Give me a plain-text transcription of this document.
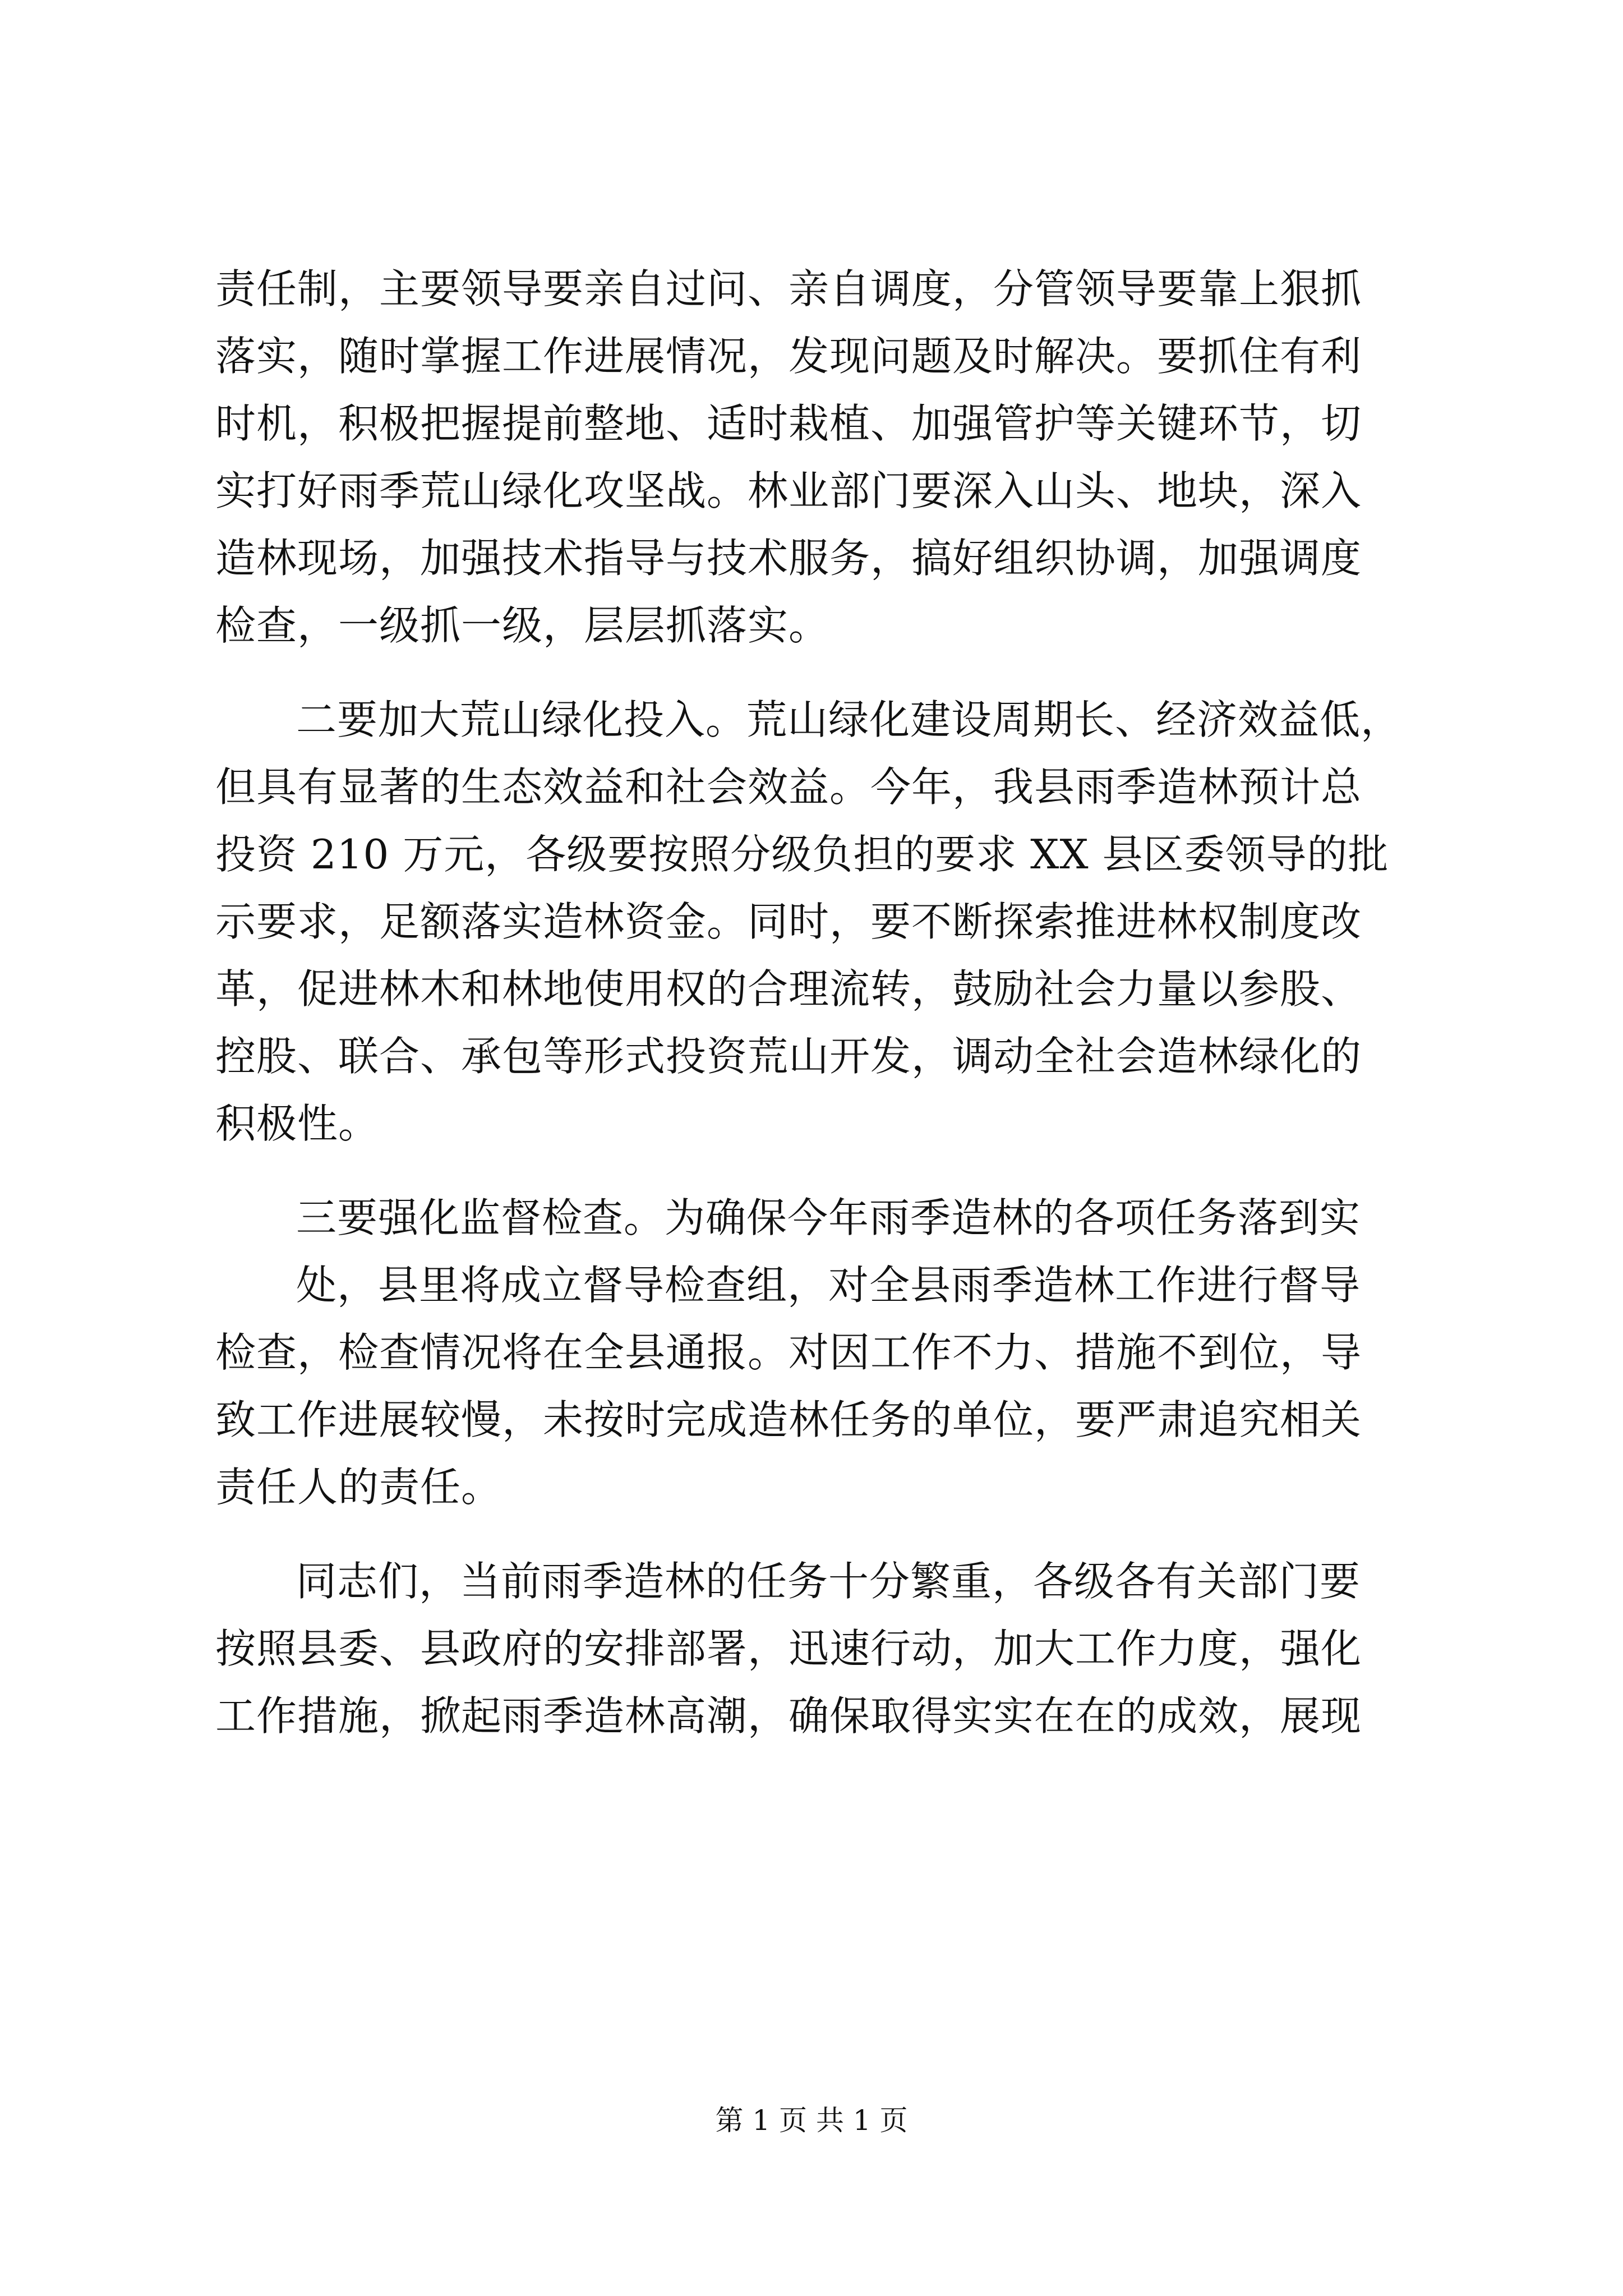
责任制，主要领导要亲自过问、亲自调度，分管领导要靠上狠抓
落实，随时掌握工作进展情况，发现问题及时解决。要抓住有利
时机，积极把握提前整地、适时栽植、加强管护等关键环节，切
实打好雨季荒山绿化攻坚战。林业部门要深入山头、地块，深入
造林现场，加强技术指导与技术服务，搞好组织协调，加强调度
检查，一级抓一级，层层抓落实。
二要加大荒山绿化投入。荒山绿化建设周期长、经济效益低，
但具有显著的生态效益和社会效益。今年，我县雨季造林预计总
投资 210 万元，各级要按照分级负担的要求 XX 县区委领导的批
示要求，足额落实造林资金。同时，要不断探索推进林权制度改
革，促进林木和林地使用权的合理流转，鼓励社会力量以参股、
控股、联合、承包等形式投资荒山开发，调动全社会造林绿化的
积极性。
三要强化监督检查。为确保今年雨季造林的各项任务落到实
处，县里将成立督导检查组，对全县雨季造林工作进行督导
检查，检查情况将在全县通报。对因工作不力、措施不到位，导
致工作进展较慢，未按时完成造林任务的单位，要严肃追究相关
责任人的责任。
同志们，当前雨季造林的任务十分繁重，各级各有关部门要
按照县委、县政府的安排部署，迅速行动，加大工作力度，强化
工作措施，掀起雨季造林高潮，确保取得实实在在的成效，展现
第 1 页 共 1 页
